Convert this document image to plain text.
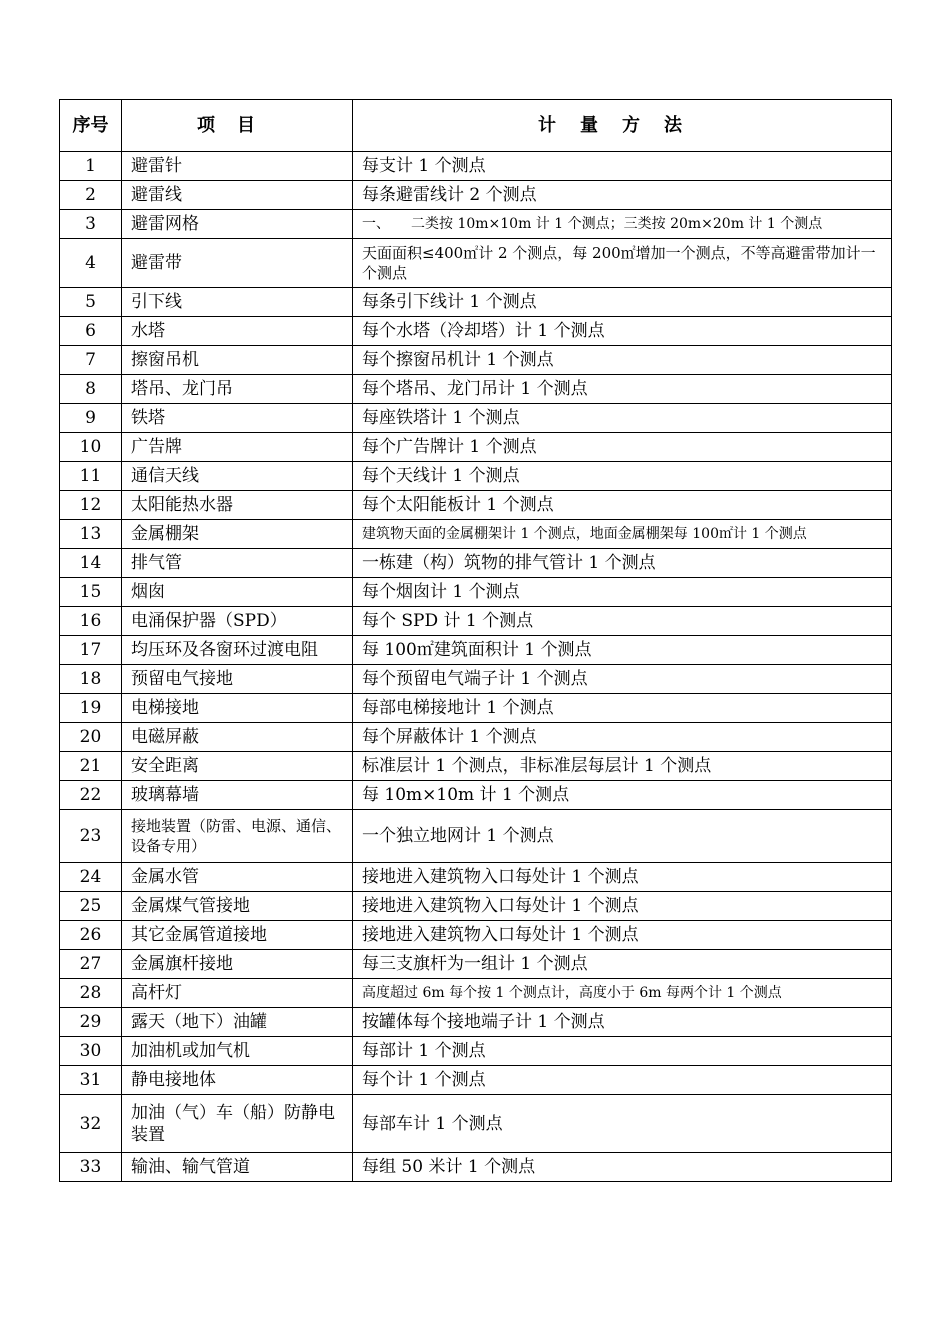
序号	项目	计量方法
1	避雷针	每支计 1 个测点
2	避雷线	每条避雷线计 2 个测点
3	避雷网格	一、　　二类按 10m×10m 计 1 个测点；三类按 20m×20m 计 1 个测点
4	避雷带	天面面积≤400㎡计 2 个测点，每 200㎡增加一个测点，不等高避雷带加计一个测点
5	引下线	每条引下线计 1 个测点
6	水塔	每个水塔（冷却塔）计 1 个测点
7	擦窗吊机	每个擦窗吊机计 1 个测点
8	塔吊、龙门吊	每个塔吊、龙门吊计 1 个测点
9	铁塔	每座铁塔计 1 个测点
10	广告牌	每个广告牌计 1 个测点
11	通信天线	每个天线计 1 个测点
12	太阳能热水器	每个太阳能板计 1 个测点
13	金属棚架	建筑物天面的金属棚架计 1 个测点，地面金属棚架每 100㎡计 1 个测点
14	排气管	一栋建（构）筑物的排气管计 1 个测点
15	烟囱	每个烟囱计 1 个测点
16	电涌保护器（SPD）	每个 SPD 计 1 个测点
17	均压环及各窗环过渡电阻	每 100㎡建筑面积计 1 个测点
18	预留电气接地	每个预留电气端子计 1 个测点
19	电梯接地	每部电梯接地计 1 个测点
20	电磁屏蔽	每个屏蔽体计 1 个测点
21	安全距离	标准层计 1 个测点，非标准层每层计 1 个测点
22	玻璃幕墙	每 10m×10m 计 1 个测点
23	接地装置（防雷、电源、通信、设备专用）	一个独立地网计 1 个测点
24	金属水管	接地进入建筑物入口每处计 1 个测点
25	金属煤气管接地	接地进入建筑物入口每处计 1 个测点
26	其它金属管道接地	接地进入建筑物入口每处计 1 个测点
27	金属旗杆接地	每三支旗杆为一组计 1 个测点
28	高杆灯	高度超过 6m 每个按 1 个测点计，高度小于 6m 每两个计 1 个测点
29	露天（地下）油罐	按罐体每个接地端子计 1 个测点
30	加油机或加气机	每部计 1 个测点
31	静电接地体	每个计 1 个测点
32	加油（气）车（船）防静电装置	每部车计 1 个测点
33	输油、输气管道	每组 50 米计 1 个测点
